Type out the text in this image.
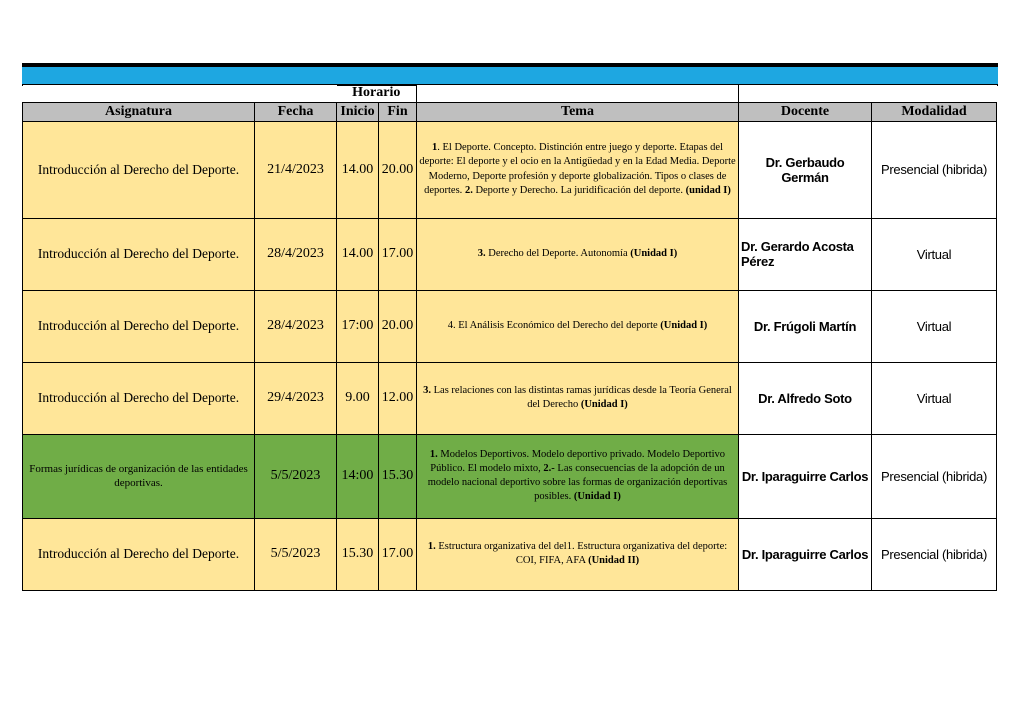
		Horario				
Asignatura	Fecha	Inicio	Fin	Tema	Docente	Modalidad
Introducción al Derecho del Deporte.	21/4/2023	14.00	20.00	1. El Deporte. Concepto. Distinción entre juego y deporte. Etapas del deporte: El deporte y el ocio en la Antigüedad y en la Edad Media. Deporte Moderno, Deporte profesión y deporte globalización. Tipos o clases de deportes. 2. Deporte y Derecho. La juridificación del deporte. (unidad I)	Dr. Gerbaudo Germán	Presencial (hibrida)
Introducción al Derecho del Deporte.	28/4/2023	14.00	17.00	3. Derecho del Deporte. Autonomía (Unidad I)	Dr. Gerardo Acosta Pérez	Virtual
Introducción al Derecho del Deporte.	28/4/2023	17:00	20.00	4. El Análisis Económico del Derecho del deporte (Unidad I)	Dr. Frúgoli Martín	Virtual
Introducción al Derecho del Deporte.	29/4/2023	9.00	12.00	3. Las relaciones con las distintas ramas jurídicas desde la Teoría General del Derecho (Unidad I)	Dr. Alfredo Soto	Virtual
Formas jurídicas de organización de las entidades deportivas.	5/5/2023	14:00	15.30	1. Modelos Deportivos. Modelo deportivo privado. Modelo Deportivo Público. El modelo mixto, 2.- Las consecuencias de la adopción de un modelo nacional deportivo sobre las formas de organización deportivas posibles. (Unidad I)	Dr. Iparaguirre Carlos	Presencial (hibrida)
Introducción al Derecho del Deporte.	5/5/2023	15.30	17.00	1. Estructura organizativa del del1. Estructura organizativa del deporte: COI, FIFA, AFA (Unidad II)	Dr. Iparaguirre Carlos	Presencial (hibrida)
